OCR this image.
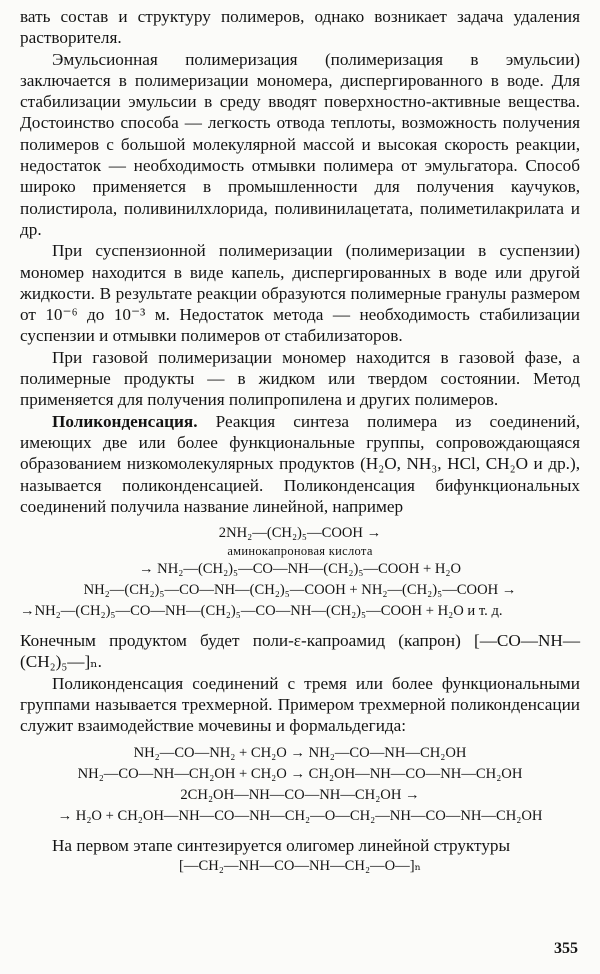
вать состав и структуру полимеров, однако возникает задача удаления растворителя.

Эмульсионная полимеризация (полимеризация в эмульсии) заключается в полимеризации мономера, диспергированного в воде. Для стабилизации эмульсии в среду вводят поверхностно-активные вещества. Достоинство способа — легкость отвода теплоты, возможность получения полимеров с большой молекулярной массой и высокая скорость реакции, недостаток — необходимость отмывки полимера от эмульгатора. Способ широко применяется в промышленности для получения каучуков, полистирола, поливинилхлорида, поливинилацетата, полиметилакрилата и др.

При суспензионной полимеризации (полимеризации в суспензии) мономер находится в виде капель, диспергированных в воде или другой жидкости. В результате реакции образуются полимерные гранулы размером от 10⁻⁶ до 10⁻³ м. Недостаток метода — необходимость стабилизации суспензии и отмывки полимеров от стабилизаторов.

При газовой полимеризации мономер находится в газовой фазе, а полимерные продукты — в жидком или твердом состоянии. Метод применяется для получения полипропилена и других полимеров.

Поликонденсация. Реакция синтеза полимера из соединений, имеющих две или более функциональные группы, сопровождающаяся образованием низкомолекулярных продуктов (H₂O, NH₃, HCl, CH₂O и др.), называется поликонденсацией. Поликонденсация бифункциональных соединений получила название линейной, например

2NH₂—(CH₂)₅—COOH →

аминокапроновая кислота

→ NH₂—(CH₂)₅—CO—NH—(CH₂)₅—COOH + H₂O

NH₂—(CH₂)₅—CO—NH—(CH₂)₅—COOH + NH₂—(CH₂)₅—COOH →

→NH₂—(CH₂)₅—CO—NH—(CH₂)₅—CO—NH—(CH₂)₅—COOH + H₂O и т. д.

Конечным продуктом будет поли-ε-капроамид (капрон) [—CO—NH—(CH₂)₅—]ₙ.

Поликонденсация соединений с тремя или более функциональными группами называется трехмерной. Примером трехмерной поликонденсации служит взаимодействие мочевины и формальдегида:

NH₂—CO—NH₂ + CH₂O → NH₂—CO—NH—CH₂OH

NH₂—CO—NH—CH₂OH + CH₂O → CH₂OH—NH—CO—NH—CH₂OH

2CH₂OH—NH—CO—NH—CH₂OH →

→ H₂O + CH₂OH—NH—CO—NH—CH₂—O—CH₂—NH—CO—NH—CH₂OH

На первом этапе синтезируется олигомер линейной структуры

[—CH₂—NH—CO—NH—CH₂—O—]ₙ

355
